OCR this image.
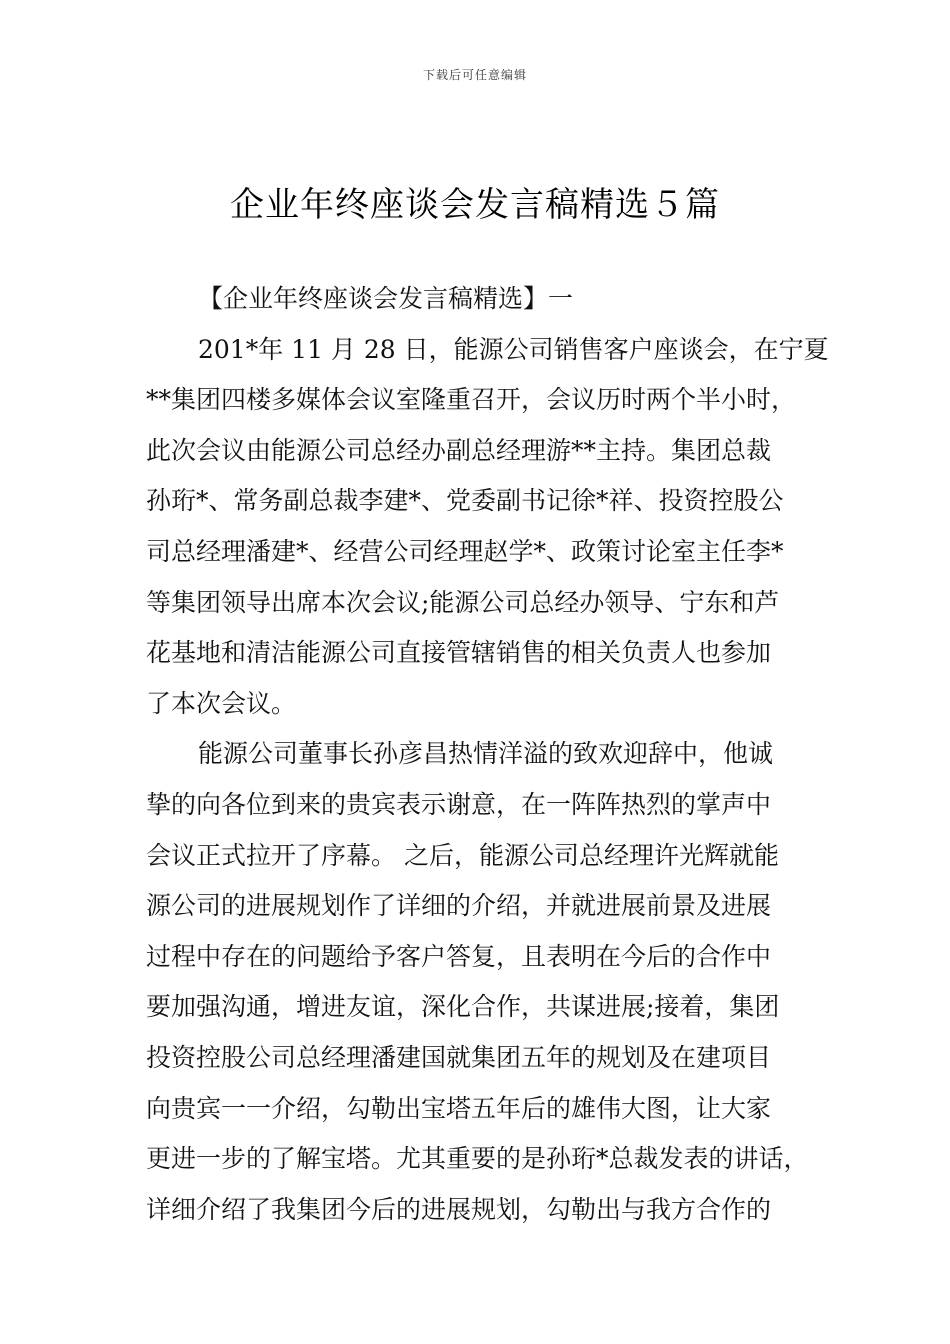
下载后可任意编辑
企业年终座谈会发言稿精选５篇
【企业年终座谈会发言稿精选】一
201*年 11 月 28 日，能源公司销售客户座谈会，在宁夏
**集团四楼多媒体会议室隆重召开，会议历时两个半小时，
此次会议由能源公司总经办副总经理游**主持。集团总裁
孙珩*、常务副总裁李建*、党委副书记徐*祥、投资控股公
司总经理潘建*、经营公司经理赵学*、政策讨论室主任李*
等集团领导出席本次会议;能源公司总经办领导、宁东和芦
花基地和清洁能源公司直接管辖销售的相关负责人也参加
了本次会议。
能源公司董事长孙彦昌热情洋溢的致欢迎辞中，他诚
挚的向各位到来的贵宾表示谢意，在一阵阵热烈的掌声中
会议正式拉开了序幕。 之后，能源公司总经理许光辉就能
源公司的进展规划作了详细的介绍，并就进展前景及进展
过程中存在的问题给予客户答复，且表明在今后的合作中
要加强沟通，增进友谊，深化合作，共谋进展;接着，集团
投资控股公司总经理潘建国就集团五年的规划及在建项目
向贵宾一一介绍，勾勒出宝塔五年后的雄伟大图，让大家
更进一步的了解宝塔。尤其重要的是孙珩*总裁发表的讲话，
详细介绍了我集团今后的进展规划，勾勒出与我方合作的
